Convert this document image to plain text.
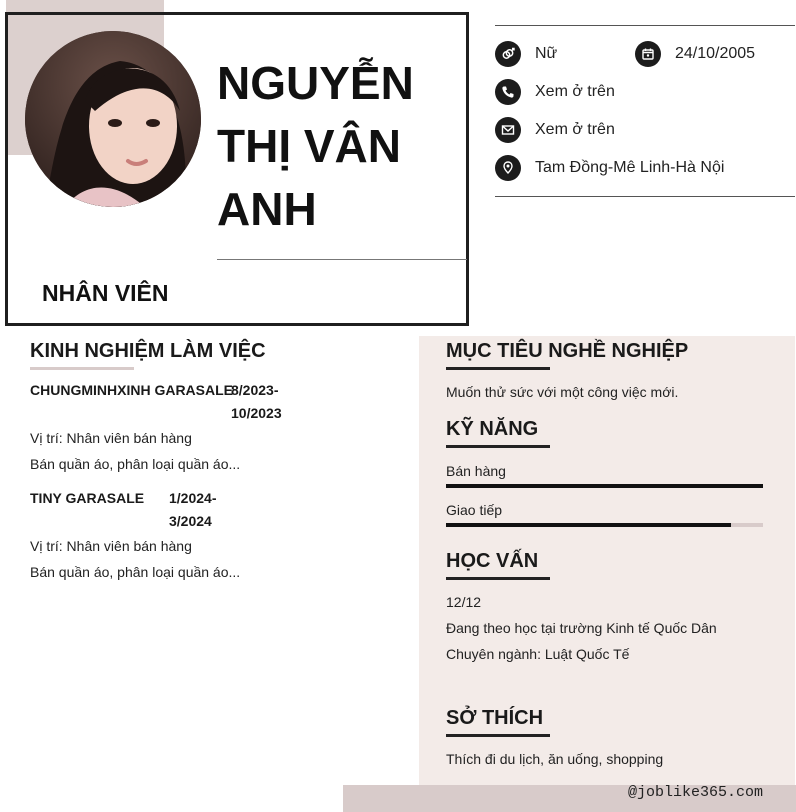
NGUYỄN THỊ VÂN ANH
NHÂN VIÊN
Nữ	24/10/2005
Xem ở trên
Xem ở trên
Tam Đồng-Mê Linh-Hà Nội
KINH NGHIỆM LÀM VIỆC
CHUNGMINHXINH GARASALE
8/2023-
10/2023
Vị trí: Nhân viên bán hàng
Bán quần áo, phân loại quần áo...
TINY GARASALE 1/2024-
3/2024
Vị trí: Nhân viên bán hàng
Bán quần áo, phân loại quần áo...
MỤC TIÊU NGHỀ NGHIỆP
Muốn thử sức với một công việc mới.
KỸ NĂNG
Bán hàng
Giao tiếp
HỌC VẤN
12/12
Đang theo học tại trường Kinh tế Quốc Dân
Chuyên ngành: Luật Quốc Tế
SỞ THÍCH
Thích đi du lịch, ăn uống, shopping
@joblike365.com
